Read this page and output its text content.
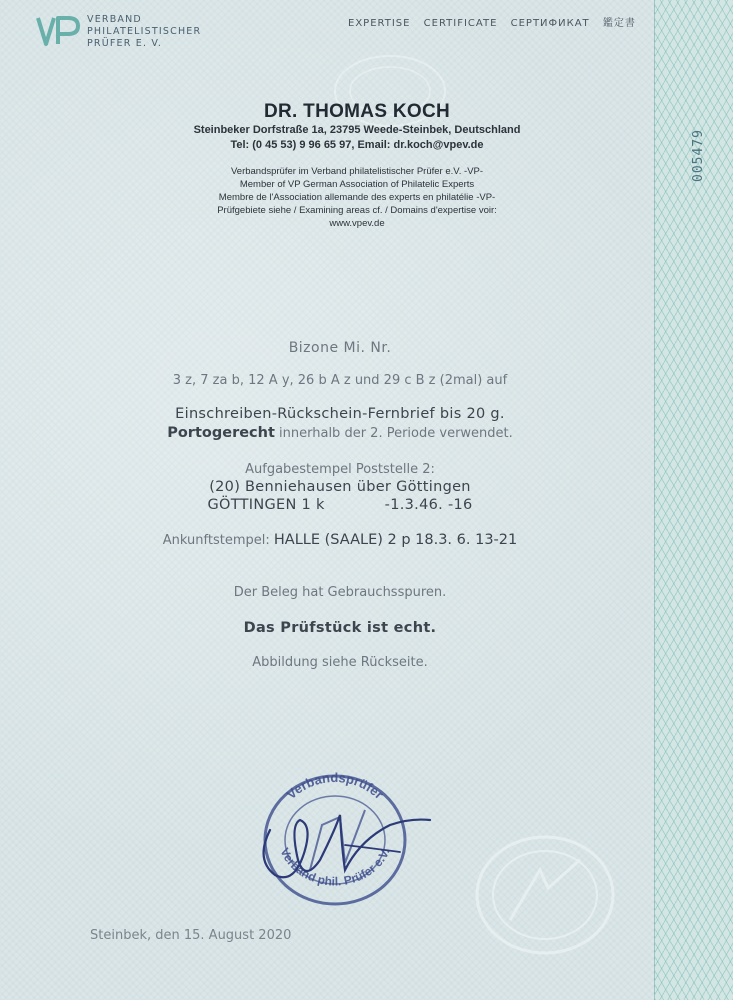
005479
VERBAND
PHILATELISTISCHER
PRÜFER E. V.
EXPERTISE CERTIFICATE СЕРТИФИКАТ 鑑定書
DR. THOMAS KOCH
Steinbeker Dorfstraße 1a, 23795 Weede-Steinbek, Deutschland
Tel: (0 45 53) 9 96 65 97, Email: dr.koch@vpev.de
Verbandsprüfer im Verband philatelistischer Prüfer e.V. -VP-
Member of VP German Association of Philatelic Experts
Membre de l'Association allemande des experts en philatélie -VP-
Prüfgebiete siehe / Examining areas cf. / Domains d'expertise voir:
www.vpev.de
Bizone Mi. Nr.
3 z, 7 za b, 12 A y, 26 b A z und 29 c B z (2mal) auf
Einschreiben-Rückschein-Fernbrief bis 20 g.
Portogerecht innerhalb der 2. Periode verwendet.
Aufgabestempel Poststelle 2:
(20) Benniehausen über Göttingen
GÖTTINGEN 1 k	-1.3.46. -16
Ankunftstempel: HALLE (SAALE) 2 p 18.3. 6. 13-21
Der Beleg hat Gebrauchsspuren.
Das Prüfstück ist echt.
Abbildung siehe Rückseite.
Verbandsprüfer
Verband phil. Prüfer e.V.
Steinbek, den 15. August 2020
